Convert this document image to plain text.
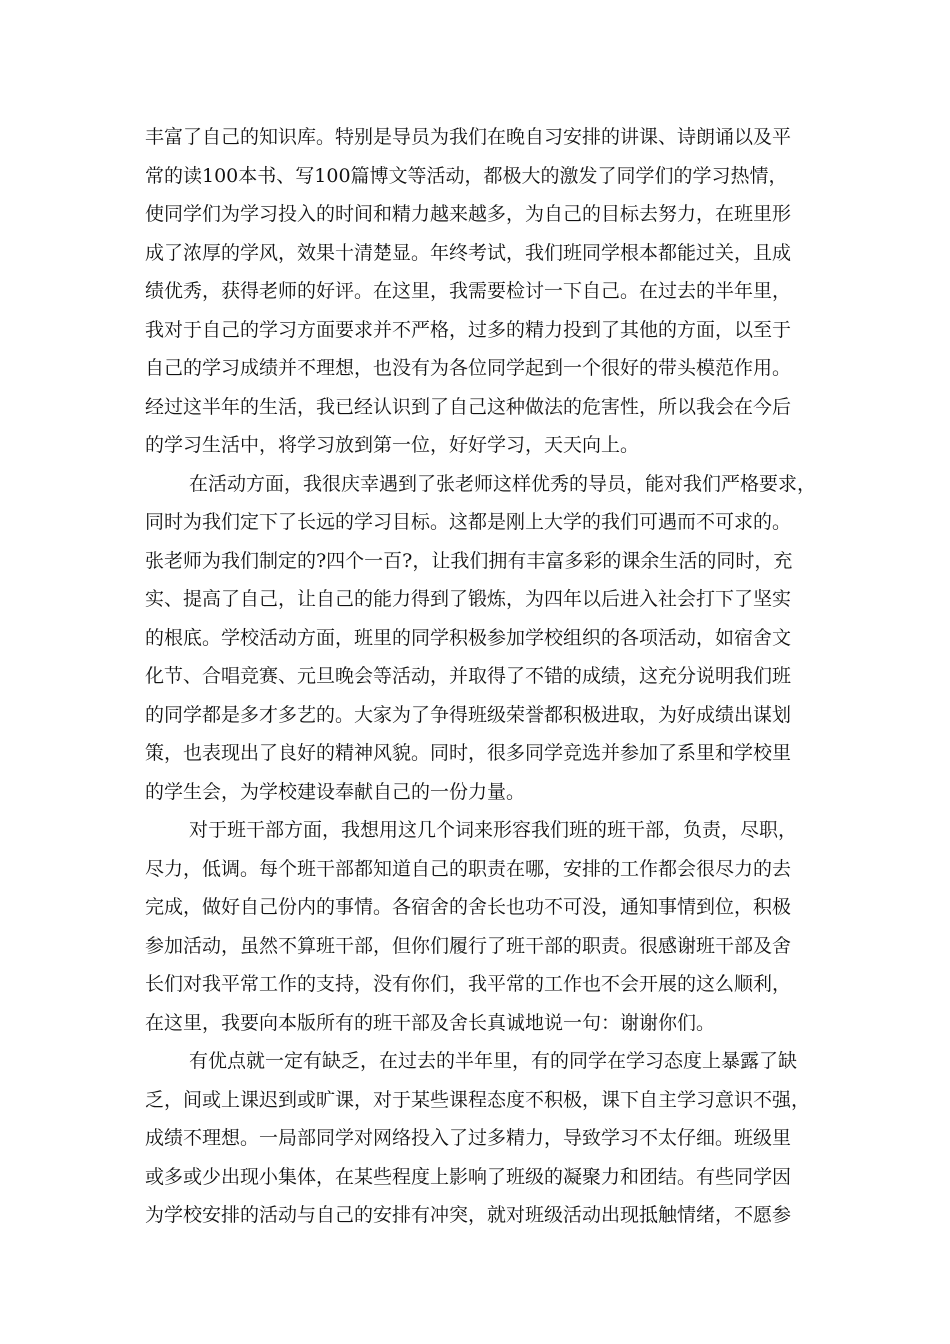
丰富了自己的知识库。特别是导员为我们在晚自习安排的讲课、诗朗诵以及平
常的读100本书、写100篇博文等活动，都极大的激发了同学们的学习热情，
使同学们为学习投入的时间和精力越来越多，为自己的目标去努力，在班里形
成了浓厚的学风，效果十清楚显。年终考试，我们班同学根本都能过关，且成
绩优秀，获得老师的好评。在这里，我需要检讨一下自己。在过去的半年里，
我对于自己的学习方面要求并不严格，过多的精力投到了其他的方面，以至于
自己的学习成绩并不理想，也没有为各位同学起到一个很好的带头模范作用。
经过这半年的生活，我已经认识到了自己这种做法的危害性，所以我会在今后
的学习生活中，将学习放到第一位，好好学习，天天向上。
在活动方面，我很庆幸遇到了张老师这样优秀的导员，能对我们严格要求，
同时为我们定下了长远的学习目标。这都是刚上大学的我们可遇而不可求的。
张老师为我们制定的?四个一百?，让我们拥有丰富多彩的课余生活的同时，充
实、提高了自己，让自己的能力得到了锻炼，为四年以后进入社会打下了坚实
的根底。学校活动方面，班里的同学积极参加学校组织的各项活动，如宿舍文
化节、合唱竞赛、元旦晚会等活动，并取得了不错的成绩，这充分说明我们班
的同学都是多才多艺的。大家为了争得班级荣誉都积极进取，为好成绩出谋划
策，也表现出了良好的精神风貌。同时，很多同学竞选并参加了系里和学校里
的学生会，为学校建设奉献自己的一份力量。
对于班干部方面，我想用这几个词来形容我们班的班干部，负责，尽职，
尽力，低调。每个班干部都知道自己的职责在哪，安排的工作都会很尽力的去
完成，做好自己份内的事情。各宿舍的舍长也功不可没，通知事情到位，积极
参加活动，虽然不算班干部，但你们履行了班干部的职责。很感谢班干部及舍
长们对我平常工作的支持，没有你们，我平常的工作也不会开展的这么顺利，
在这里，我要向本版所有的班干部及舍长真诚地说一句：谢谢你们。
有优点就一定有缺乏，在过去的半年里，有的同学在学习态度上暴露了缺
乏，间或上课迟到或旷课，对于某些课程态度不积极，课下自主学习意识不强，
成绩不理想。一局部同学对网络投入了过多精力，导致学习不太仔细。班级里
或多或少出现小集体，在某些程度上影响了班级的凝聚力和团结。有些同学因
为学校安排的活动与自己的安排有冲突，就对班级活动出现抵触情绪，不愿参
